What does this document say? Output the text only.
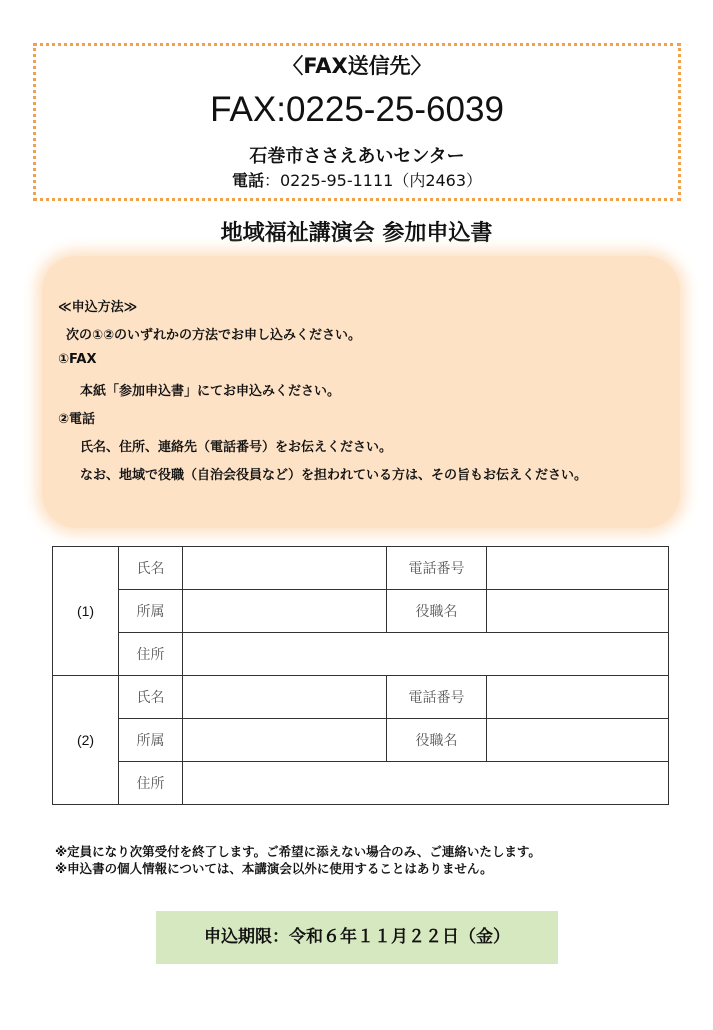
〈FAX送信先〉
FAX:0225-25-6039
石巻市ささえあいセンター
電話：0225-95-1111（内2463）
地域福祉講演会 参加申込書
≪申込方法≫
次の①②のいずれかの方法でお申し込みください。
①FAX
本紙「参加申込書」にてお申込みください。
②電話
氏名、住所、連絡先（電話番号）をお伝えください。
なお、地域で役職（自治会役員など）を担われている方は、その旨もお伝えください。
(1)	氏名		電話番号	
	所属		役職名	
	住所			
(2)	氏名		電話番号	
	所属		役職名	
	住所			
※定員になり次第受付を終了します。ご希望に添えない場合のみ、ご連絡いたします。
※申込書の個人情報については、本講演会以外に使用することはありません。
申込期限：令和６年１１月２２日（金）
